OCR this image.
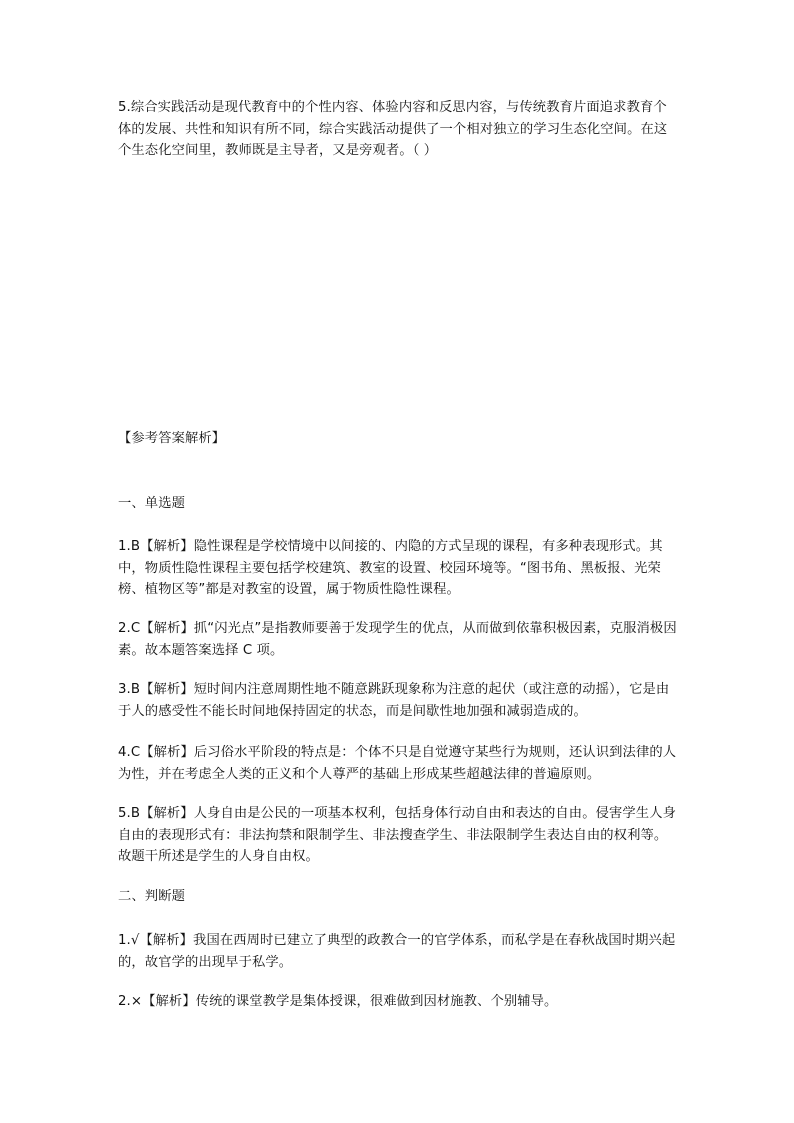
5.综合实践活动是现代教育中的个性内容、体验内容和反思内容，与传统教育片面追求教育个体的发展、共性和知识有所不同，综合实践活动提供了一个相对独立的学习生态化空间。在这个生态化空间里，教师既是主导者，又是旁观者。（ ）

【参考答案解析】

一、单选题

1.B【解析】隐性课程是学校情境中以间接的、内隐的方式呈现的课程，有多种表现形式。其中，物质性隐性课程主要包括学校建筑、教室的设置、校园环境等。“图书角、黑板报、光荣榜、植物区等”都是对教室的设置，属于物质性隐性课程。

2.C【解析】抓“闪光点”是指教师要善于发现学生的优点，从而做到依靠积极因素，克服消极因素。故本题答案选择 C 项。

3.B【解析】短时间内注意周期性地不随意跳跃现象称为注意的起伏（或注意的动摇），它是由于人的感受性不能长时间地保持固定的状态，而是间歇性地加强和减弱造成的。

4.C【解析】后习俗水平阶段的特点是：个体不只是自觉遵守某些行为规则，还认识到法律的人为性，并在考虑全人类的正义和个人尊严的基础上形成某些超越法律的普遍原则。

5.B【解析】人身自由是公民的一项基本权利，包括身体行动自由和表达的自由。侵害学生人身自由的表现形式有：非法拘禁和限制学生、非法搜查学生、非法限制学生表达自由的权利等。故题干所述是学生的人身自由权。

二、判断题

1.√【解析】我国在西周时已建立了典型的政教合一的官学体系，而私学是在春秋战国时期兴起的，故官学的出现早于私学。

2.×【解析】传统的课堂教学是集体授课，很难做到因材施教、个别辅导。
